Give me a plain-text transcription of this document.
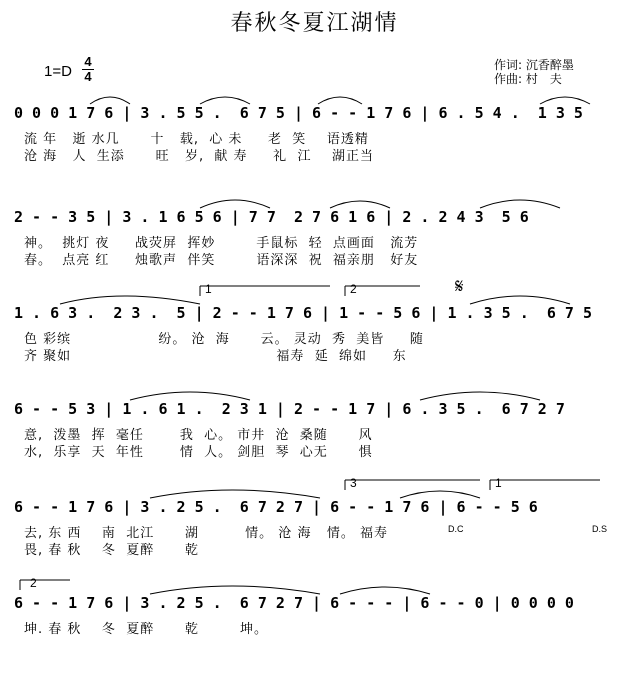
春秋冬夏江湖情
1=D
4
4
作词: 沉香醉墨
作曲: 村　夫
0 0 0 1 7 6 | 3 . 5 5 .  6 7 5 | 6 - - 1 7 6 | 6 . 5 4 .  1 3 5
流 年   逝 水几      十   载,  心 未     老  笑    语透精
沧 海   人  生添      旺   岁,  献 寿     礼  江    湖正当
2 - - 3 5 | 3 . 1 6 5 6 | 7 7  2 7 6 1 6 | 2 . 2 4 3  5 6
神。  挑灯 夜     战荧屏  挥妙        手鼠标  轻  点画面   流芳
春。  点亮 红     烛歌声  伴笑        语深深  祝  福亲朋   好友
1	2	𝄋
1 . 6 3 .  2 3 .  5 | 2 - - 1 7 6 | 1 - - 5 6 | 1 . 3 5 .  6 7 5
色 彩缤                 纷。 沧  海      云。 灵动  秀  美皆     随
齐 聚如                                        福寿  延  绵如     东
6 - - 5 3 | 1 . 6 1 .  2 3 1 | 2 - - 1 7 | 6 . 3 5 .  6 7 2 7
意,  泼墨  挥  毫任       我  心。 市井  沧  桑随      风
水,  乐享  天  年性       情  人。 剑胆  琴  心无      惧
3	1
D.C	D.S
6 - - 1 7 6 | 3 . 2 5 .  6 7 2 7 | 6 - - 1 7 6 | 6 - - 5 6
去, 东 西    南  北江      湖         情。 沧 海   情。 福寿
畏, 春 秋    冬  夏醉      乾
2
6 - - 1 7 6 | 3 . 2 5 .  6 7 2 7 | 6 - - - | 6 - - 0 | 0 0 0 0
坤. 春 秋    冬  夏醉      乾        坤。
